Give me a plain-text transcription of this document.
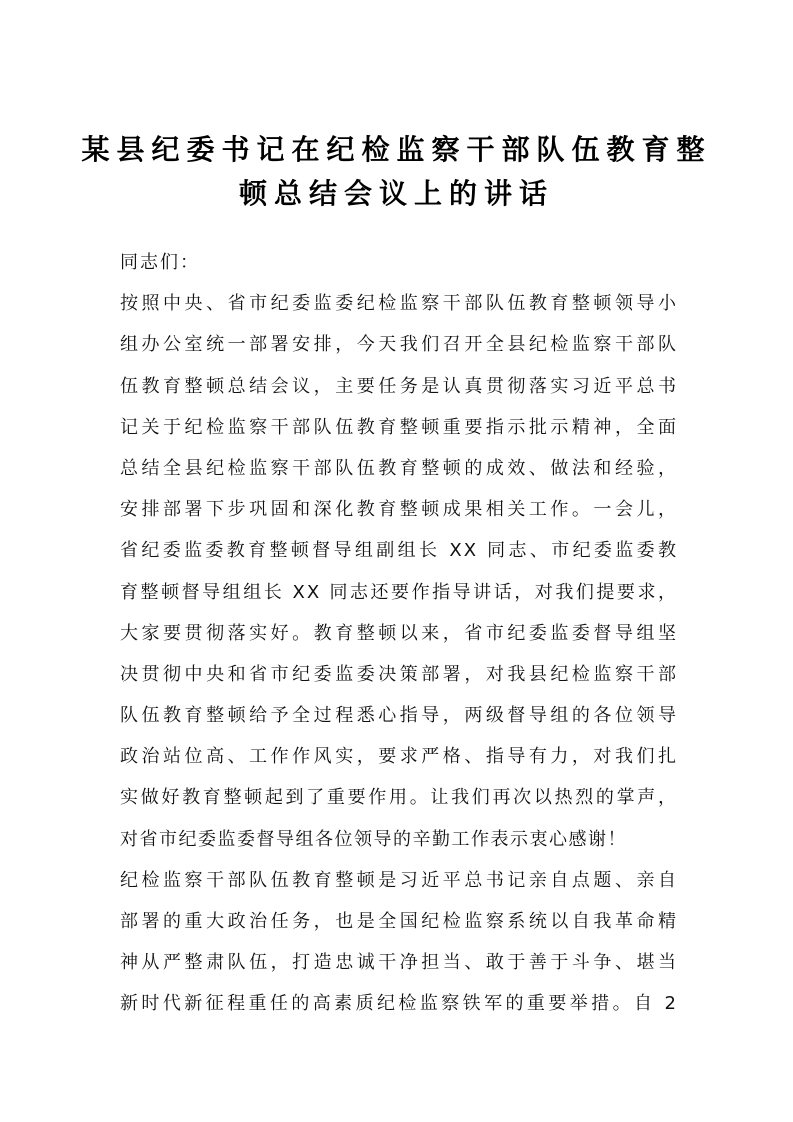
某县纪委书记在纪检监察干部队伍教育整
顿总结会议上的讲话
同志们：
按照中央、省市纪委监委纪检监察干部队伍教育整顿领导小
组办公室统一部署安排，今天我们召开全县纪检监察干部队
伍教育整顿总结会议，主要任务是认真贯彻落实习近平总书
记关于纪检监察干部队伍教育整顿重要指示批示精神，全面
总结全县纪检监察干部队伍教育整顿的成效、做法和经验，
安排部署下步巩固和深化教育整顿成果相关工作。一会儿，
省纪委监委教育整顿督导组副组长 XX 同志、市纪委监委教
育整顿督导组组长 XX 同志还要作指导讲话，对我们提要求，
大家要贯彻落实好。教育整顿以来，省市纪委监委督导组坚
决贯彻中央和省市纪委监委决策部署，对我县纪检监察干部
队伍教育整顿给予全过程悉心指导，两级督导组的各位领导
政治站位高、工作作风实，要求严格、指导有力，对我们扎
实做好教育整顿起到了重要作用。让我们再次以热烈的掌声，
对省市纪委监委督导组各位领导的辛勤工作表示衷心感谢！
纪检监察干部队伍教育整顿是习近平总书记亲自点题、亲自
部署的重大政治任务，也是全国纪检监察系统以自我革命精
神从严整肃队伍，打造忠诚干净担当、敢于善于斗争、堪当
新时代新征程重任的高素质纪检监察铁军的重要举措。自 2
